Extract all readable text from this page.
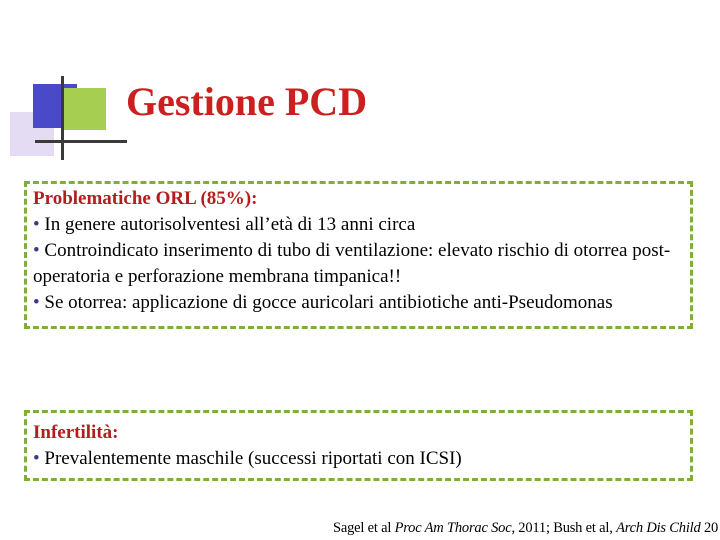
Gestione PCD
Problematiche ORL (85%):
• In genere autorisolventesi all’età di 13 anni circa
• Controindicato inserimento di tubo di ventilazione: elevato rischio di otorrea post-operatoria e perforazione membrana timpanica!!
• Se otorrea: applicazione di gocce auricolari antibiotiche anti-Pseudomonas
Infertilità:
• Prevalentemente maschile (successi riportati con ICSI)
Sagel et al Proc Am Thorac Soc, 2011; Bush et al, Arch Dis Child 20
